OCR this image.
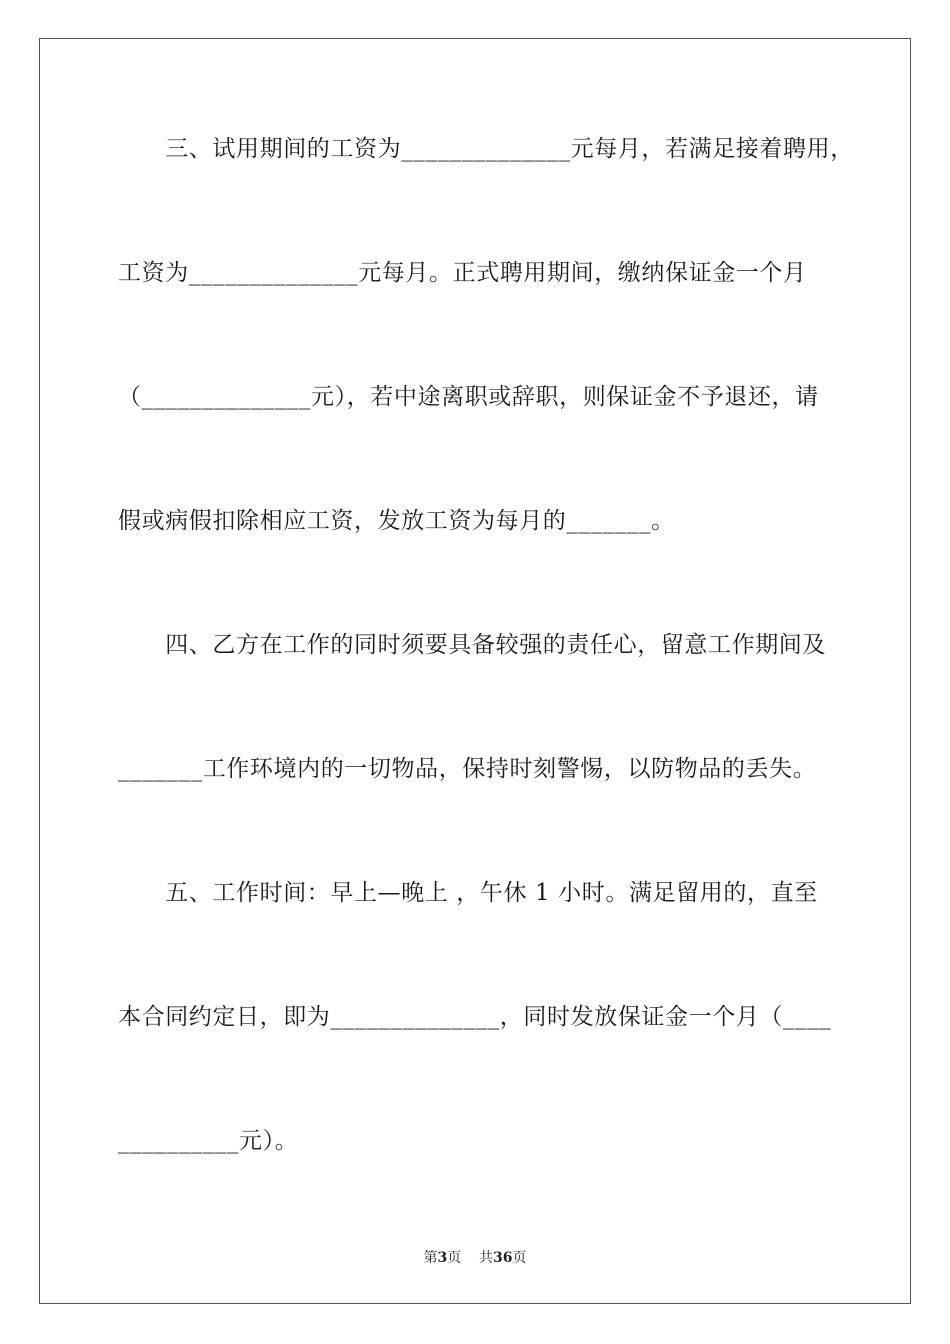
　　三、试用期间的工资为______________元每月，若满足接着聘用，
工资为______________元每月。正式聘用期间，缴纳保证金一个月
（______________元），若中途离职或辞职，则保证金不予退还，请
假或病假扣除相应工资，发放工资为每月的_______。
　　四、乙方在工作的同时须要具备较强的责任心，留意工作期间及
_______工作环境内的一切物品，保持时刻警惕，以防物品的丢失。
　　五、工作时间：早上—晚上 ，午休 1 小时。满足留用的，直至
本合同约定日，即为______________，同时发放保证金一个月（____
__________元）。
第3页 共36页
